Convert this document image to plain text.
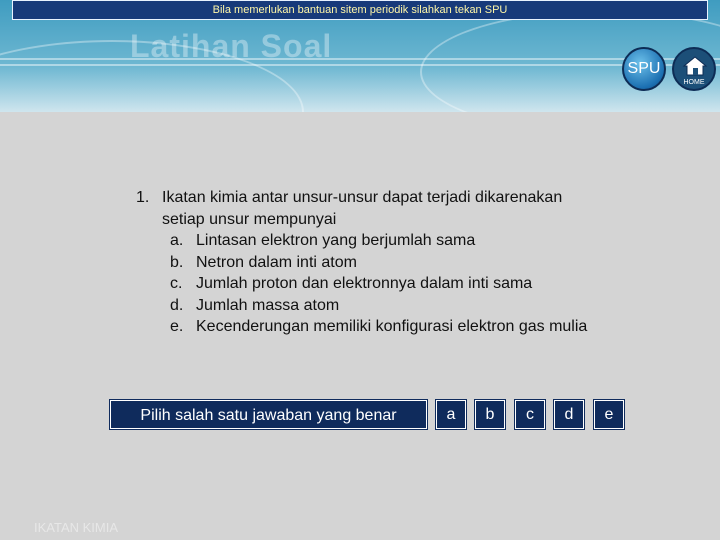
Latihan Soal
Bila memerlukan bantuan sitem periodik silahkan tekan SPU
SPU
HOME
1. Ikatan kimia antar unsur-unsur dapat terjadi dikarenakan
setiap unsur mempunyai
a. Lintasan elektron yang berjumlah sama
b. Netron dalam inti atom
c. Jumlah proton dan elektronnya dalam inti sama
d. Jumlah massa atom
e. Kecenderungan memiliki konfigurasi elektron gas mulia
Pilih salah satu jawaban yang benar	a	b	c	d	e
IKATAN KIMIA
